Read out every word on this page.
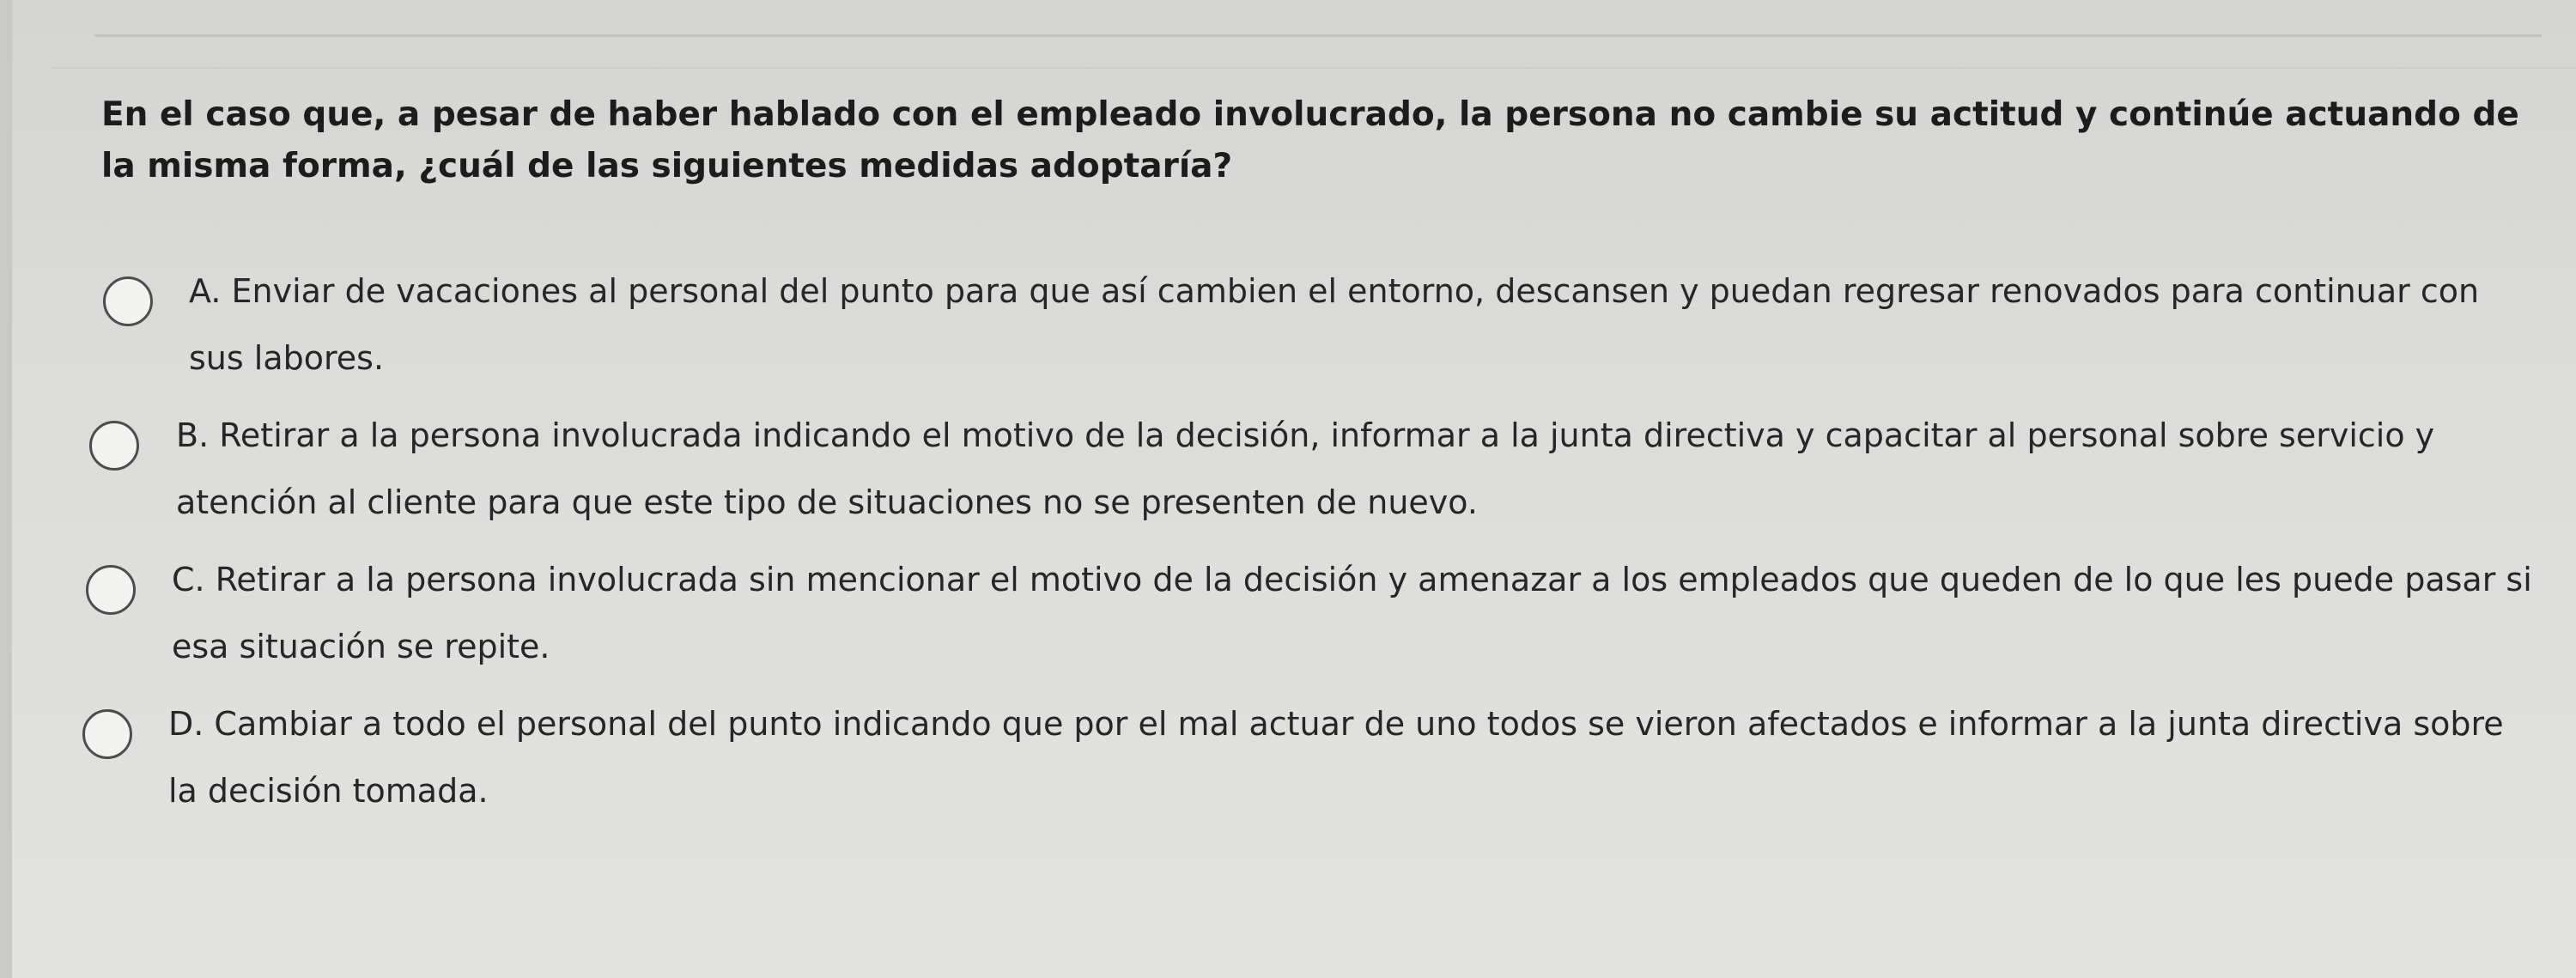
En el caso que, a pesar de haber hablado con el empleado involucrado, la persona no cambie su actitud y continúe actuando de la misma forma, ¿cuál de las siguientes medidas adoptaría?
A. Enviar de vacaciones al personal del punto para que así cambien el entorno, descansen y puedan regresar renovados para continuar con sus labores.
B. Retirar a la persona involucrada indicando el motivo de la decisión, informar a la junta directiva y capacitar al personal sobre servicio y atención al cliente para que este tipo de situaciones no se presenten de nuevo.
C. Retirar a la persona involucrada sin mencionar el motivo de la decisión y amenazar a los empleados que queden de lo que les puede pasar si esa situación se repite.
D. Cambiar a todo el personal del punto indicando que por el mal actuar de uno todos se vieron afectados e informar a la junta directiva sobre la decisión tomada.
